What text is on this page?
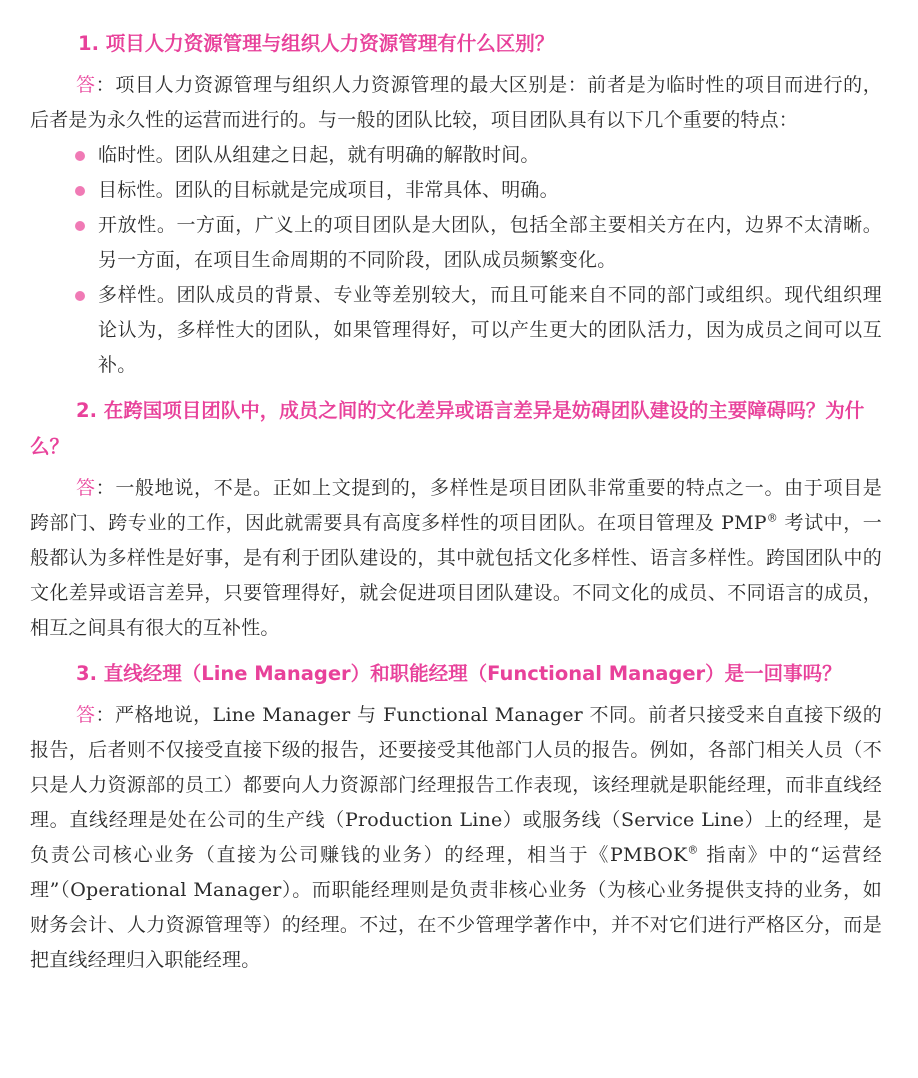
1. 项目人力资源管理与组织人力资源管理有什么区别？

答：项目人力资源管理与组织人力资源管理的最大区别是：前者是为临时性的项目而进行的，后者是为永久性的运营而进行的。与一般的团队比较，项目团队具有以下几个重要的特点：

临时性。团队从组建之日起，就有明确的解散时间。
目标性。团队的目标就是完成项目，非常具体、明确。
开放性。一方面，广义上的项目团队是大团队，包括全部主要相关方在内，边界不太清晰。另一方面，在项目生命周期的不同阶段，团队成员频繁变化。
多样性。团队成员的背景、专业等差别较大，而且可能来自不同的部门或组织。现代组织理论认为，多样性大的团队，如果管理得好，可以产生更大的团队活力，因为成员之间可以互补。
2. 在跨国项目团队中，成员之间的文化差异或语言差异是妨碍团队建设的主要障碍吗？为什么？

答：一般地说，不是。正如上文提到的，多样性是项目团队非常重要的特点之一。由于项目是跨部门、跨专业的工作，因此就需要具有高度多样性的项目团队。在项目管理及 PMP® 考试中，一般都认为多样性是好事，是有利于团队建设的，其中就包括文化多样性、语言多样性。跨国团队中的文化差异或语言差异，只要管理得好，就会促进项目团队建设。不同文化的成员、不同语言的成员，相互之间具有很大的互补性。

3. 直线经理（Line Manager）和职能经理（Functional Manager）是一回事吗？

答：严格地说，Line Manager 与 Functional Manager 不同。前者只接受来自直接下级的报告，后者则不仅接受直接下级的报告，还要接受其他部门人员的报告。例如，各部门相关人员（不只是人力资源部的员工）都要向人力资源部门经理报告工作表现，该经理就是职能经理，而非直线经理。直线经理是处在公司的生产线（Production Line）或服务线（Service Line）上的经理，是负责公司核心业务（直接为公司赚钱的业务）的经理，相当于《PMBOK® 指南》中的“运营经理”（Operational Manager）。而职能经理则是负责非核心业务（为核心业务提供支持的业务，如财务会计、人力资源管理等）的经理。不过，在不少管理学著作中，并不对它们进行严格区分，而是把直线经理归入职能经理。
